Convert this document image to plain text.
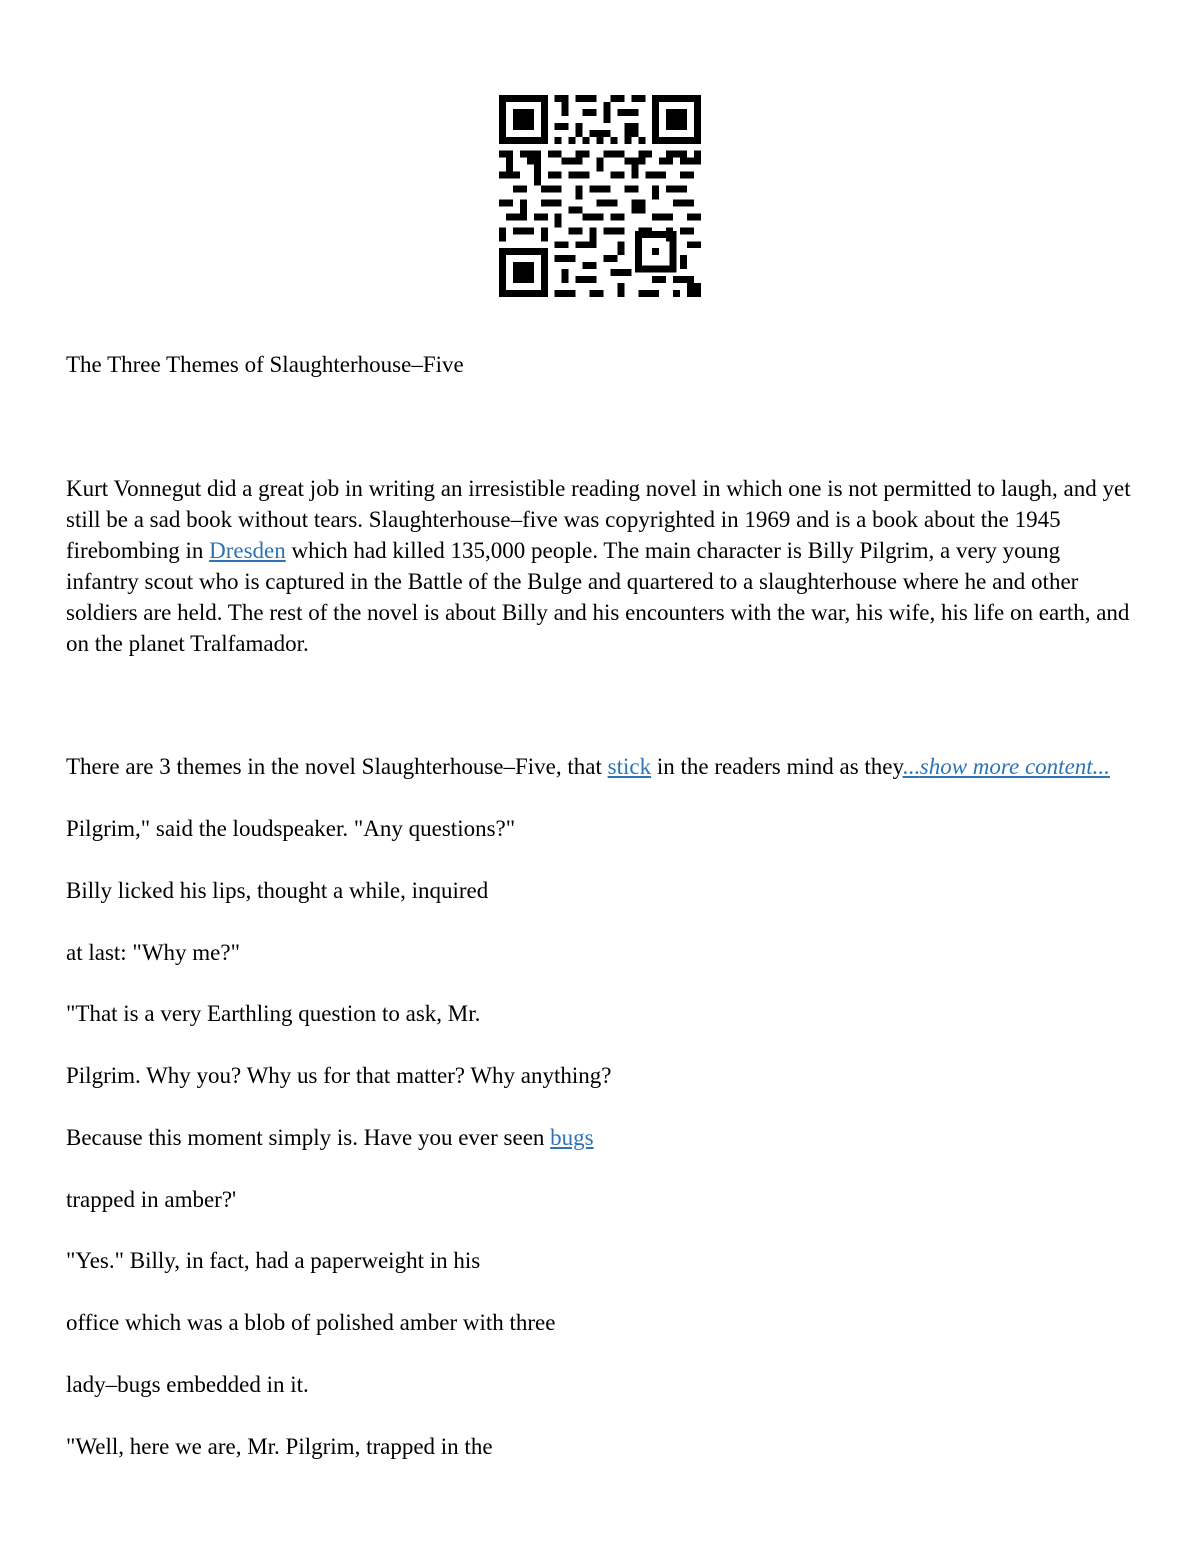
The Three Themes of Slaughterhouse–Five

Kurt Vonnegut did a great job in writing an irresistible reading novel in which one is not permitted to laugh, and yet still be a sad book without tears. Slaughterhouse–five was copyrighted in 1969 and is a book about the 1945 firebombing in Dresden which had killed 135,000 people. The main character is Billy Pilgrim, a very young infantry scout who is captured in the Battle of the Bulge and quartered to a slaughterhouse where he and other soldiers are held. The rest of the novel is about Billy and his encounters with the war, his wife, his life on earth, and on the planet Tralfamador.

There are 3 themes in the novel Slaughterhouse–Five, that stick in the readers mind as they...show more content...

Pilgrim," said the loudspeaker. "Any questions?"

Billy licked his lips, thought a while, inquired

at last: "Why me?"

"That is a very Earthling question to ask, Mr.

Pilgrim. Why you? Why us for that matter? Why anything?

Because this moment simply is. Have you ever seen bugs

trapped in amber?'

"Yes." Billy, in fact, had a paperweight in his

office which was a blob of polished amber with three

lady–bugs embedded in it.

"Well, here we are, Mr. Pilgrim, trapped in the
